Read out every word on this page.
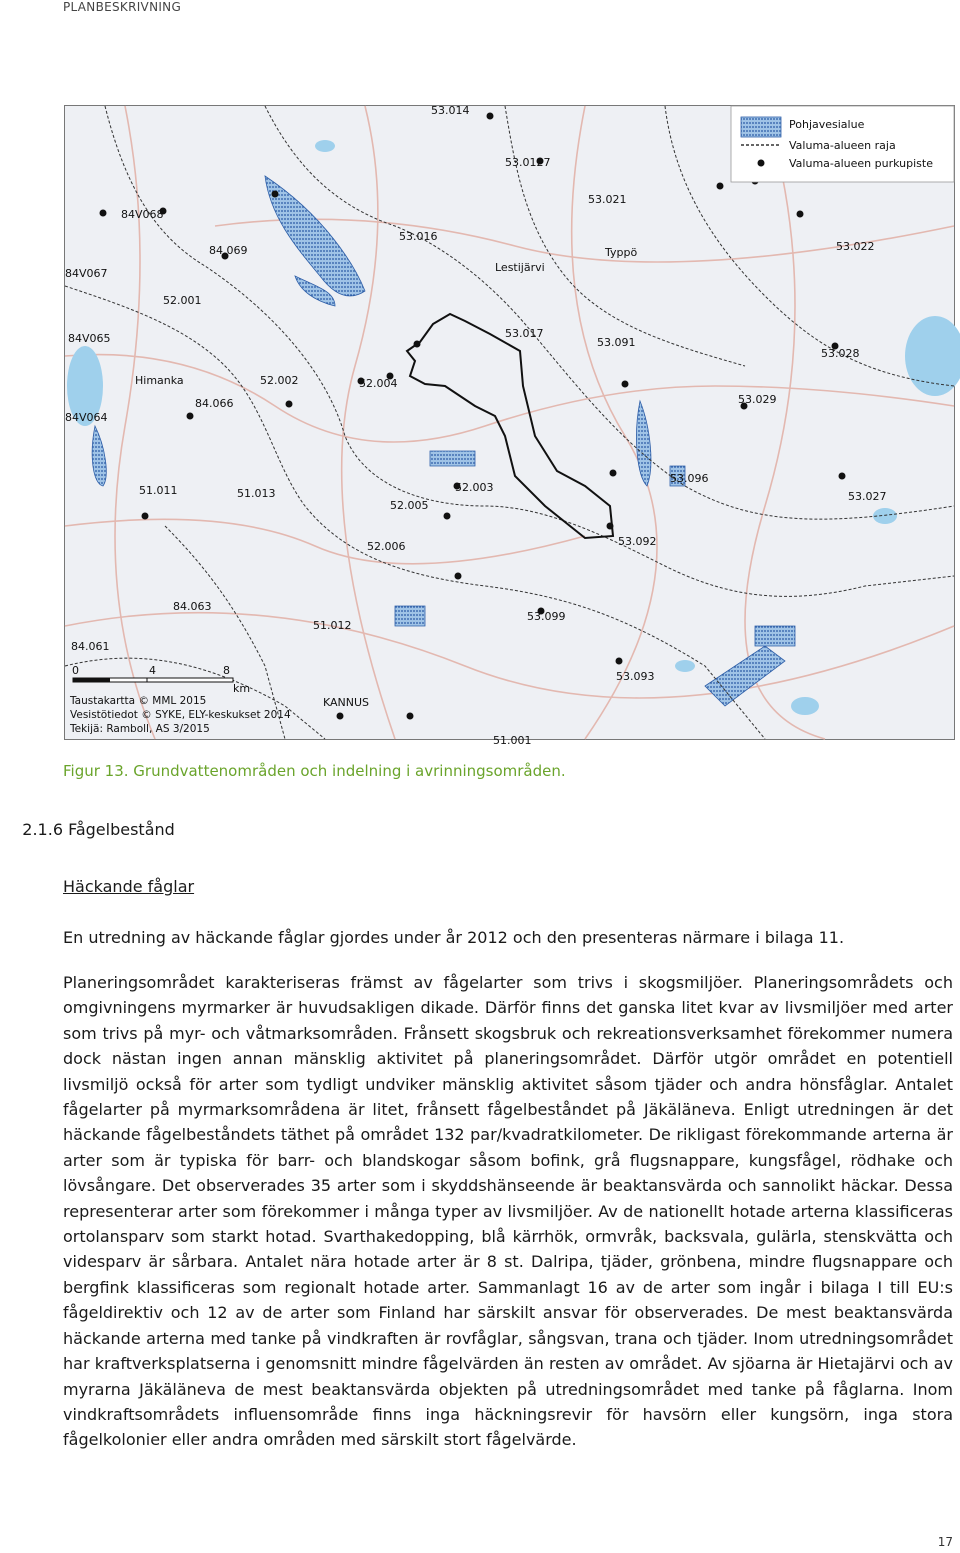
PLANBESKRIVNING
KANNUS
Himanka
Lestijärvi
Typpö
53.014
53.0127
53.021
84V068
53.016
84.069	53.022
84V067
52.001
53.017
53.091
84V065
52.002	52.004
53.028
84.066	53.029
84V064
52.003
53.096
51.011	51.013
52.005
53.027
52.006	53.092
84.063
53.099
51.012
84.061
53.093
51.001
Pohjavesialue
Valuma-alueen raja
Valuma-alueen purkupiste
0	4	8
km
Taustakartta © MML 2015
Vesistötiedot © SYKE, ELY-keskukset 2014
Tekijä: Ramboll, AS 3/2015
Figur 13. Grundvattenområden och indelning i avrinningsområden.
2.1.6 Fågelbestånd
Häckande fåglar

En utredning av häckande fåglar gjordes under år 2012 och den presenteras närmare i bilaga 11.

Planeringsområdet karakteriseras främst av fågelarter som trivs i skogsmiljöer. Planeringsområdets och omgivningens myrmarker är huvudsakligen dikade. Därför finns det ganska litet kvar av livsmiljöer med arter som trivs på myr- och våtmarksområden. Frånsett skogsbruk och rekreationsverksamhet förekommer numera dock nästan ingen annan mänsklig aktivitet på planeringsområdet. Därför utgör området en potentiell livsmiljö också för arter som tydligt undviker mänsklig aktivitet såsom tjäder och andra hönsfåglar. Antalet fågelarter på myrmarksområdena är litet, frånsett fågelbeståndet på Jäkäläneva. Enligt utredningen är det häckande fågelbeståndets täthet på området 132 par/kvadratkilometer. De rikligast förekommande arterna är arter som är typiska för barr- och blandskogar såsom bofink, grå flugsnappare, kungsfågel, rödhake och lövsångare. Det observerades 35 arter som i skyddshänseende är beaktansvärda och sannolikt häckar. Dessa representerar arter som förekommer i många typer av livsmiljöer. Av de nationellt hotade arterna klassificeras ortolansparv som starkt hotad. Svarthakedopping, blå kärrhök, ormvråk, backsvala, gulärla, stenskvätta och videsparv är sårbara. Antalet nära hotade arter är 8 st. Dalripa, tjäder, grönbena, mindre flugsnappare och bergfink klassificeras som regionalt hotade arter. Sammanlagt 16 av de arter som ingår i bilaga I till EU:s fågeldirektiv och 12 av de arter som Finland har särskilt ansvar för observerades. De mest beaktansvärda häckande arterna med tanke på vindkraften är rovfåglar, sångsvan, trana och tjäder. Inom utredningsområdet har kraftverksplatserna i genomsnitt mindre fågelvärden än resten av området. Av sjöarna är Hietajärvi och av myrarna Jäkäläneva de mest beaktansvärda objekten på utredningsområdet med tanke på fåglarna. Inom vindkraftsområdets influensområde finns inga häckningsrevir för havsörn eller kungsörn, inga stora fågelkolonier eller andra områden med särskilt stort fågelvärde.

17
